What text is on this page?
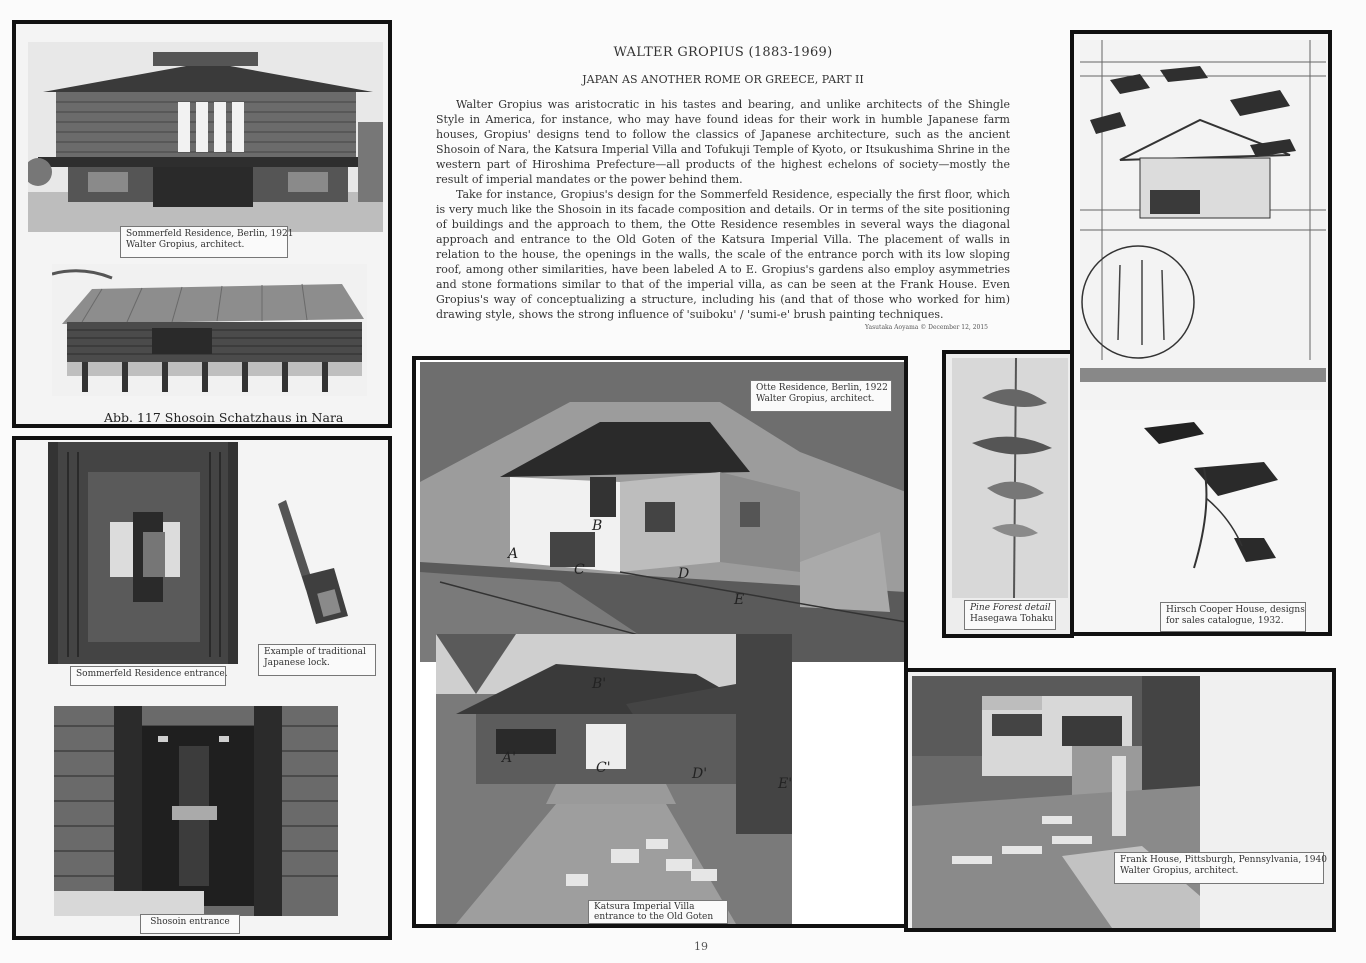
Sommerfeld Residence, Berlin, 1921
Walter Gropius, architect.
Abb. 117 Shosoin Schatzhaus in Nara
Sommerfeld Residence entrance.
Example of traditional
Japanese lock.
Shosoin entrance
WALTER GROPIUS (1883-1969)
JAPAN AS ANOTHER ROME OR GREECE, PART II
Walter Gropius was aristocratic in his tastes and bearing, and unlike architects of the Shingle Style in America, for instance, who may have found ideas for their work in humble Japanese farm houses, Gropius' designs tend to follow the classics of Japanese architecture, such as the ancient Shosoin of Nara, the Katsura Imperial Villa and Tofukuji Temple of Kyoto, or Itsukushima Shrine in the western part of Hiroshima Prefecture—all products of the highest echelons of society—mostly the result of imperial mandates or the power behind them.
Take for instance, Gropius's design for the Sommerfeld Residence, especially the first floor, which is very much like the Shosoin in its facade composition and details. Or in terms of the site positioning of buildings and the approach to them, the Otte Residence resembles in several ways the diagonal approach and entrance to the Old Goten of the Katsura Imperial Villa. The placement of walls in relation to the house, the openings in the walls, the scale of the entrance porch with its low sloping roof, among other similarities, have been labeled A to E. Gropius's gardens also employ asymmetries and stone formations similar to that of the imperial villa, as can be seen at the Frank House. Even Gropius's way of conceptualizing a structure, including his (and that of those who worked for him) drawing style, shows the strong influence of 'suiboku' / 'sumi-e' brush painting techniques.
Yasutaka Aoyama © December 12, 2015
Otte Residence, Berlin, 1922
Walter Gropius, architect.
A
B
C	D
E
B'
A'
C'	D'
E'
Katsura Imperial Villa
entrance to the Old Goten
Pine Forest detail
Hasegawa Tohaku
Hirsch Cooper House, designs
for sales catalogue, 1932.
Frank House, Pittsburgh, Pennsylvania, 1940
Walter Gropius, architect.
19
